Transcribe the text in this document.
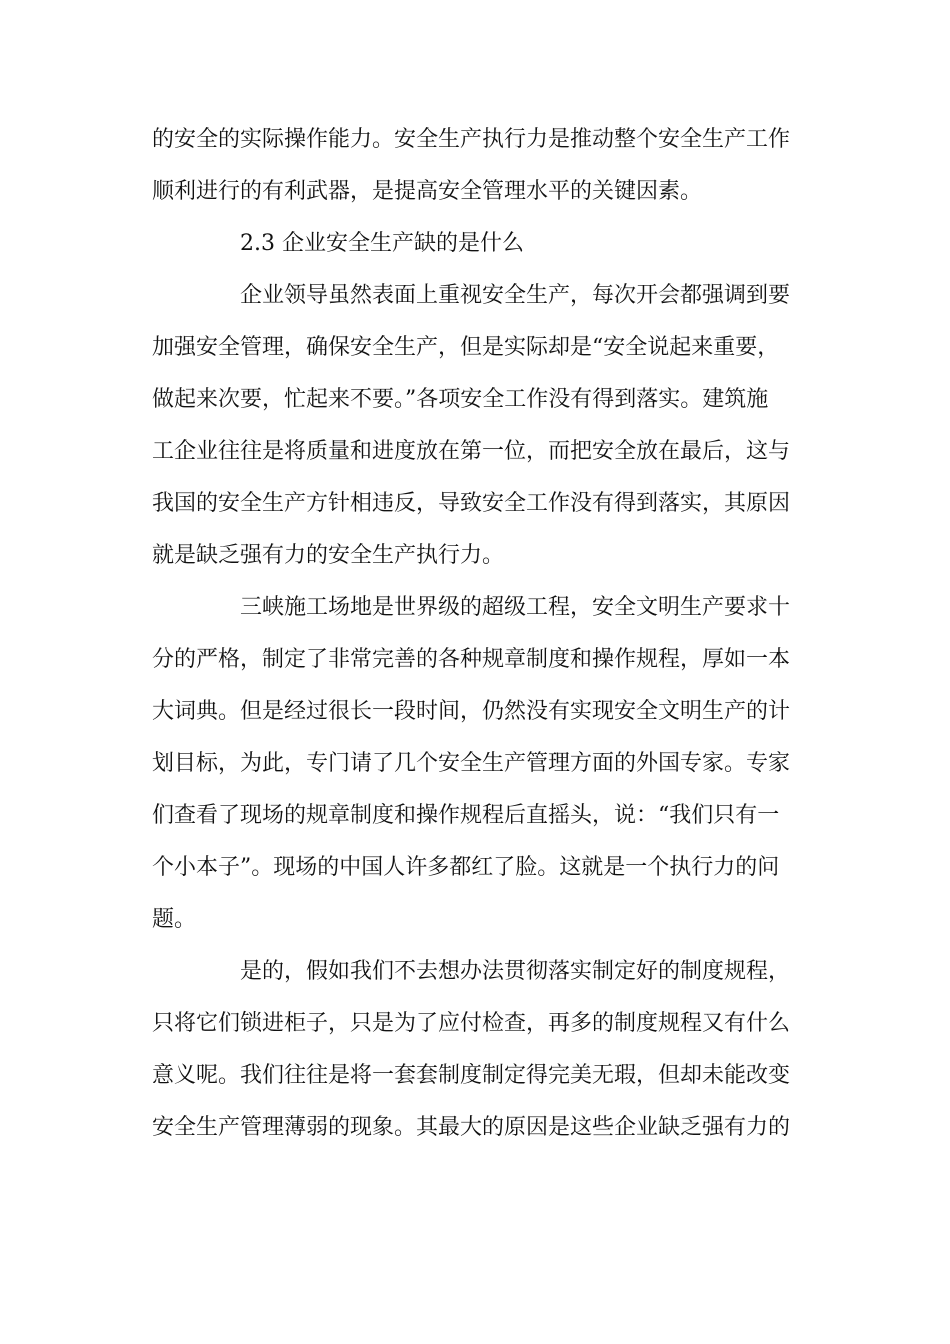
的安全的实际操作能力。安全生产执行力是推动整个安全生产工作
顺利进行的有利武器，是提高安全管理水平的关键因素。
2.3 企业安全生产缺的是什么
企业领导虽然表面上重视安全生产，每次开会都强调到要
加强安全管理，确保安全生产，但是实际却是“安全说起来重要，
做起来次要，忙起来不要。”各项安全工作没有得到落实。建筑施
工企业往往是将质量和进度放在第一位，而把安全放在最后，这与
我国的安全生产方针相违反，导致安全工作没有得到落实，其原因
就是缺乏强有力的安全生产执行力。
三峡施工场地是世界级的超级工程，安全文明生产要求十
分的严格，制定了非常完善的各种规章制度和操作规程，厚如一本
大词典。但是经过很长一段时间，仍然没有实现安全文明生产的计
划目标，为此，专门请了几个安全生产管理方面的外国专家。专家
们查看了现场的规章制度和操作规程后直摇头，说：“我们只有一
个小本子”。现场的中国人许多都红了脸。这就是一个执行力的问
题。
是的，假如我们不去想办法贯彻落实制定好的制度规程，
只将它们锁进柜子，只是为了应付检查，再多的制度规程又有什么
意义呢。我们往往是将一套套制度制定得完美无瑕，但却未能改变
安全生产管理薄弱的现象。其最大的原因是这些企业缺乏强有力的
